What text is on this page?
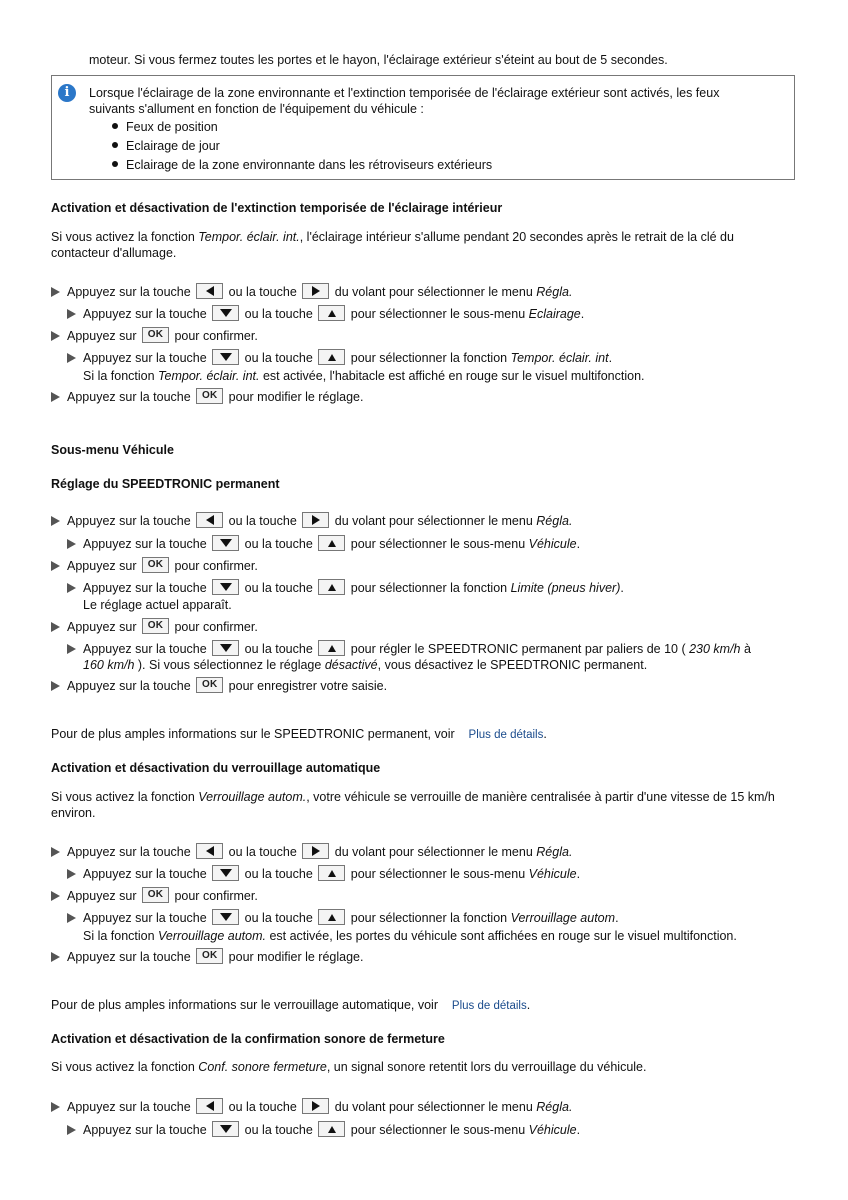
moteur. Si vous fermez toutes les portes et le hayon, l'éclairage extérieur s'éteint au bout de 5 secondes.
i	Lorsque l'éclairage de la zone environnante et l'extinction temporisée de l'éclairage extérieur sont activés, les feux
suivants s'allument en fonction de l'équipement du véhicule :
Feux de position
Eclairage de jour
Eclairage de la zone environnante dans les rétroviseurs extérieurs
Activation et désactivation de l'extinction temporisée de l'éclairage intérieur
Si vous activez la fonction Tempor. éclair. int., l'éclairage intérieur s'allume pendant 20 secondes après le retrait de la clé du
contacteur d'allumage.
Appuyez sur la touche	ou la touche	du volant pour sélectionner le menu Régla.
Appuyez sur la touche	ou la touche	pour sélectionner le sous-menu Eclairage.
Appuyez sur	OK pour confirmer.
Appuyez sur la touche	ou la touche	pour sélectionner la fonction Tempor. éclair. int.
Si la fonction Tempor. éclair. int. est activée, l'habitacle est affiché en rouge sur le visuel multifonction.
Appuyez sur la touche	OK pour modifier le réglage.
Sous-menu Véhicule
Réglage du SPEEDTRONIC permanent
Appuyez sur la touche	ou la touche	du volant pour sélectionner le menu Régla.
Appuyez sur la touche	ou la touche	pour sélectionner le sous-menu Véhicule.
Appuyez sur	OK pour confirmer.
Appuyez sur la touche	ou la touche	pour sélectionner la fonction Limite (pneus hiver).
Le réglage actuel apparaît.
Appuyez sur	OK pour confirmer.
Appuyez sur la touche	ou la touche	pour régler le SPEEDTRONIC permanent par paliers de 10 ( 230 km/h à
160 km/h ). Si vous sélectionnez le réglage désactivé, vous désactivez le SPEEDTRONIC permanent.
Appuyez sur la touche	OK pour enregistrer votre saisie.
Pour de plus amples informations sur le SPEEDTRONIC permanent, voir Plus de détails.
Activation et désactivation du verrouillage automatique
Si vous activez la fonction Verrouillage autom., votre véhicule se verrouille de manière centralisée à partir d'une vitesse de 15 km/h
environ.
Appuyez sur la touche	ou la touche	du volant pour sélectionner le menu Régla.
Appuyez sur la touche	ou la touche	pour sélectionner le sous-menu Véhicule.
Appuyez sur	OK pour confirmer.
Appuyez sur la touche	ou la touche	pour sélectionner la fonction Verrouillage autom.
Si la fonction Verrouillage autom. est activée, les portes du véhicule sont affichées en rouge sur le visuel multifonction.
Appuyez sur la touche	OK pour modifier le réglage.
Pour de plus amples informations sur le verrouillage automatique, voir Plus de détails.
Activation et désactivation de la confirmation sonore de fermeture
Si vous activez la fonction Conf. sonore fermeture, un signal sonore retentit lors du verrouillage du véhicule.
Appuyez sur la touche	ou la touche	du volant pour sélectionner le menu Régla.
Appuyez sur la touche	ou la touche	pour sélectionner le sous-menu Véhicule.
